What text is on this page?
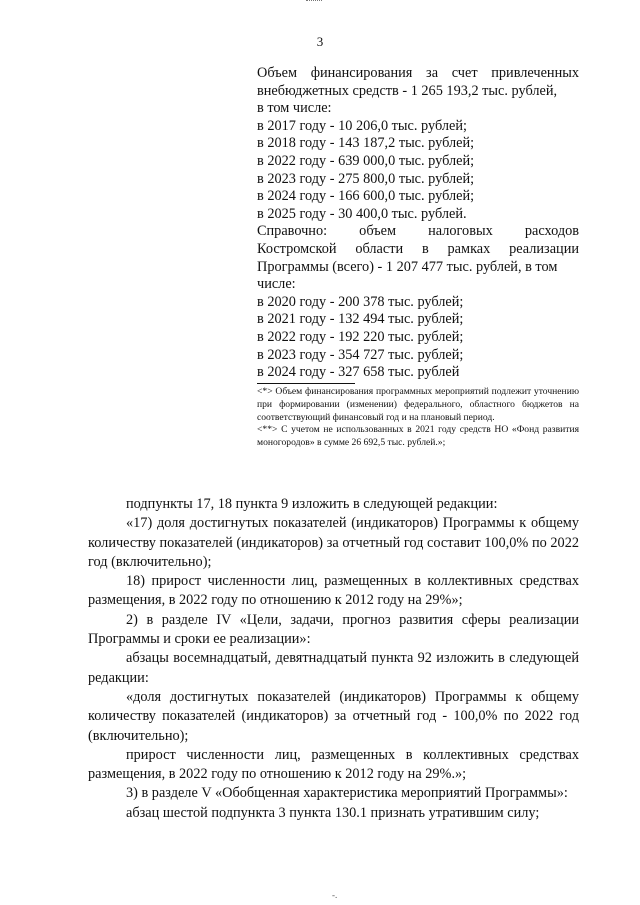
3
Объем финансирования за счет привлеченных
внебюджетных средств - 1 265 193,2 тыс. рублей,
в том числе:
в 2017 году - 10 206,0 тыс. рублей;
в 2018 году - 143 187,2 тыс. рублей;
в 2022 году - 639 000,0 тыс. рублей;
в 2023 году - 275 800,0 тыс. рублей;
в 2024 году - 166 600,0 тыс. рублей;
в 2025 году - 30 400,0 тыс. рублей.
Справочно: объем налоговых расходов
Костромской области в рамках реализации
Программы (всего) - 1 207 477 тыс. рублей, в том
числе:
в 2020 году - 200 378 тыс. рублей;
в 2021 году - 132 494 тыс. рублей;
в 2022 году - 192 220 тыс. рублей;
в 2023 году - 354 727 тыс. рублей;
в 2024 году - 327 658 тыс. рублей
<*> Объем финансирования программных мероприятий подлежит уточнению при формировании (изменении) федерального, областного бюджетов на соответствующий финансовый год и на плановый период.
<**> С учетом не использованных в 2021 году средств НО «Фонд развития моногородов» в сумме 26 692,5 тыс. рублей.»;
подпункты 17, 18 пункта 9 изложить в следующей редакции:
«17) доля достигнутых показателей (индикаторов) Программы к общему количеству показателей (индикаторов) за отчетный год составит 100,0% по 2022 год (включительно);
18) прирост численности лиц, размещенных в коллективных средствах размещения, в 2022 году по отношению к 2012 году на 29%»;
2) в разделе IV «Цели, задачи, прогноз развития сферы реализации Программы и сроки ее реализации»:
абзацы восемнадцатый, девятнадцатый пункта 92 изложить в следующей редакции:
«доля достигнутых показателей (индикаторов) Программы к общему количеству показателей (индикаторов) за отчетный год - 100,0% по 2022 год (включительно);
прирост численности лиц, размещенных в коллективных средствах размещения, в 2022 году по отношению к 2012 году на 29%.»;
3) в разделе V «Обобщенная характеристика мероприятий Программы»:
абзац шестой подпункта 3 пункта 130.1 признать утратившим силу;
-.
